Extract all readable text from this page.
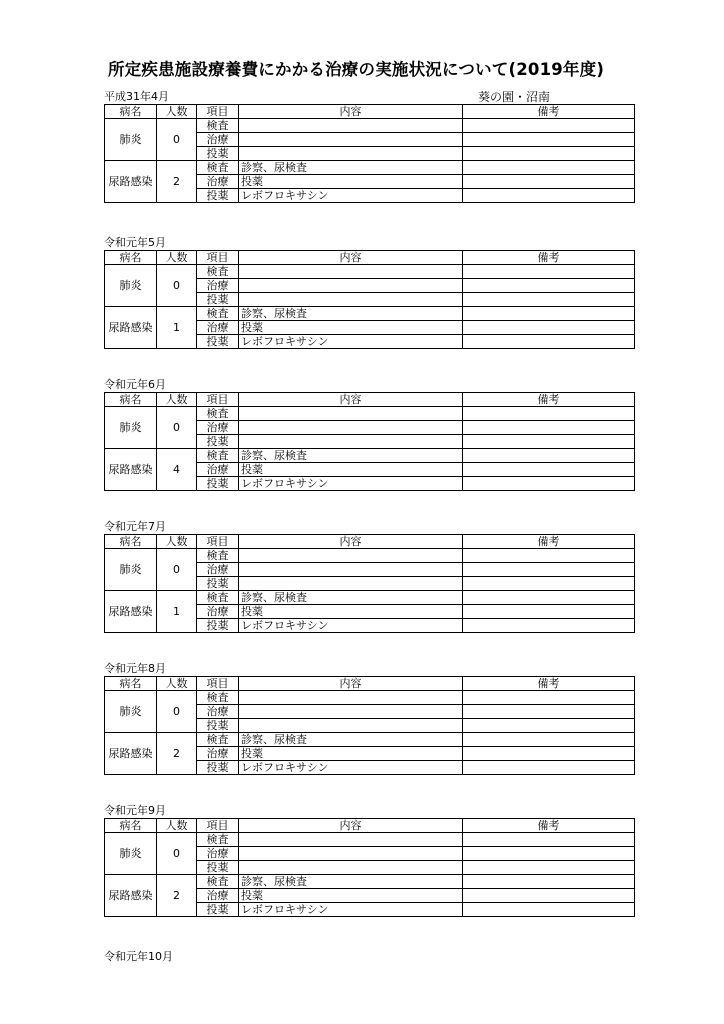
所定疾患施設療養費にかかる治療の実施状況について(2019年度)
葵の園・沼南
平成31年4月
病名	人数	項目	内容	備考
肺炎	0	検査		
		治療		
		投薬		
尿路感染	2	検査	診察、尿検査	
		治療	投薬	
		投薬	レボフロキサシン	
令和元年5月
病名	人数	項目	内容	備考
肺炎	0	検査		
		治療		
		投薬		
尿路感染	1	検査	診察、尿検査	
		治療	投薬	
		投薬	レボフロキサシン	
令和元年6月
病名	人数	項目	内容	備考
肺炎	0	検査		
		治療		
		投薬		
尿路感染	4	検査	診察、尿検査	
		治療	投薬	
		投薬	レボフロキサシン	
令和元年7月
病名	人数	項目	内容	備考
肺炎	0	検査		
		治療		
		投薬		
尿路感染	1	検査	診察、尿検査	
		治療	投薬	
		投薬	レボフロキサシン	
令和元年8月
病名	人数	項目	内容	備考
肺炎	0	検査		
		治療		
		投薬		
尿路感染	2	検査	診察、尿検査	
		治療	投薬	
		投薬	レボフロキサシン	
令和元年9月
病名	人数	項目	内容	備考
肺炎	0	検査		
		治療		
		投薬		
尿路感染	2	検査	診察、尿検査	
		治療	投薬	
		投薬	レボフロキサシン	
令和元年10月
